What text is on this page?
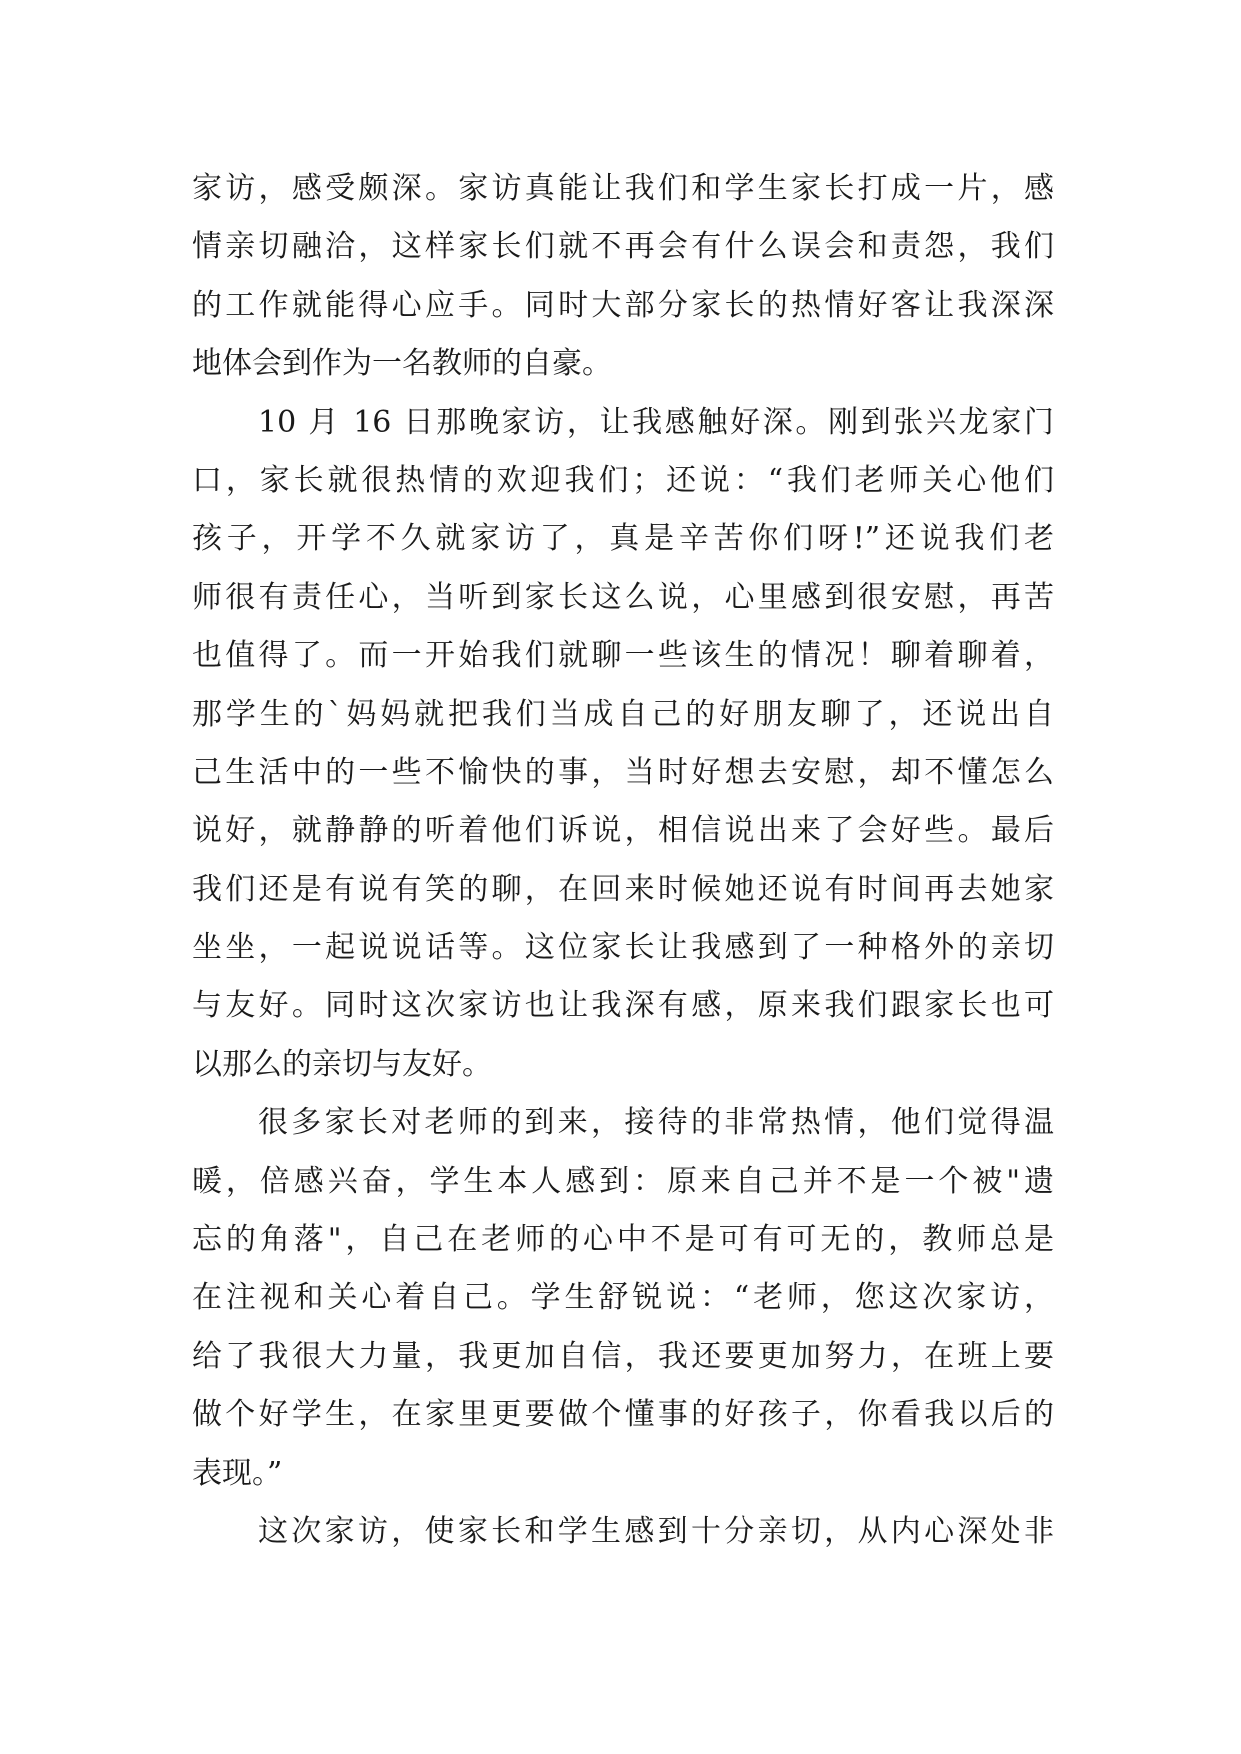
家访，感受颇深。家访真能让我们和学生家长打成一片，感
情亲切融洽，这样家长们就不再会有什么误会和责怨，我们
的工作就能得心应手。同时大部分家长的热情好客让我深深
地体会到作为一名教师的自豪。
10 月 16 日那晚家访，让我感触好深。刚到张兴龙家门
口，家长就很热情的欢迎我们；还说：“我们老师关心他们
孩子，开学不久就家访了，真是辛苦你们呀!”还说我们老
师很有责任心，当听到家长这么说，心里感到很安慰，再苦
也值得了。而一开始我们就聊一些该生的情况！聊着聊着，
那学生的`妈妈就把我们当成自己的好朋友聊了，还说出自
己生活中的一些不愉快的事，当时好想去安慰，却不懂怎么
说好，就静静的听着他们诉说，相信说出来了会好些。最后
我们还是有说有笑的聊，在回来时候她还说有时间再去她家
坐坐，一起说说话等。这位家长让我感到了一种格外的亲切
与友好。同时这次家访也让我深有感，原来我们跟家长也可
以那么的亲切与友好。
很多家长对老师的到来，接待的非常热情，他们觉得温
暖，倍感兴奋，学生本人感到：原来自己并不是一个被"遗
忘的角落"，自己在老师的心中不是可有可无的，教师总是
在注视和关心着自己。学生舒锐说：“老师，您这次家访，
给了我很大力量，我更加自信，我还要更加努力，在班上要
做个好学生，在家里更要做个懂事的好孩子，你看我以后的
表现。”
这次家访，使家长和学生感到十分亲切，从内心深处非
